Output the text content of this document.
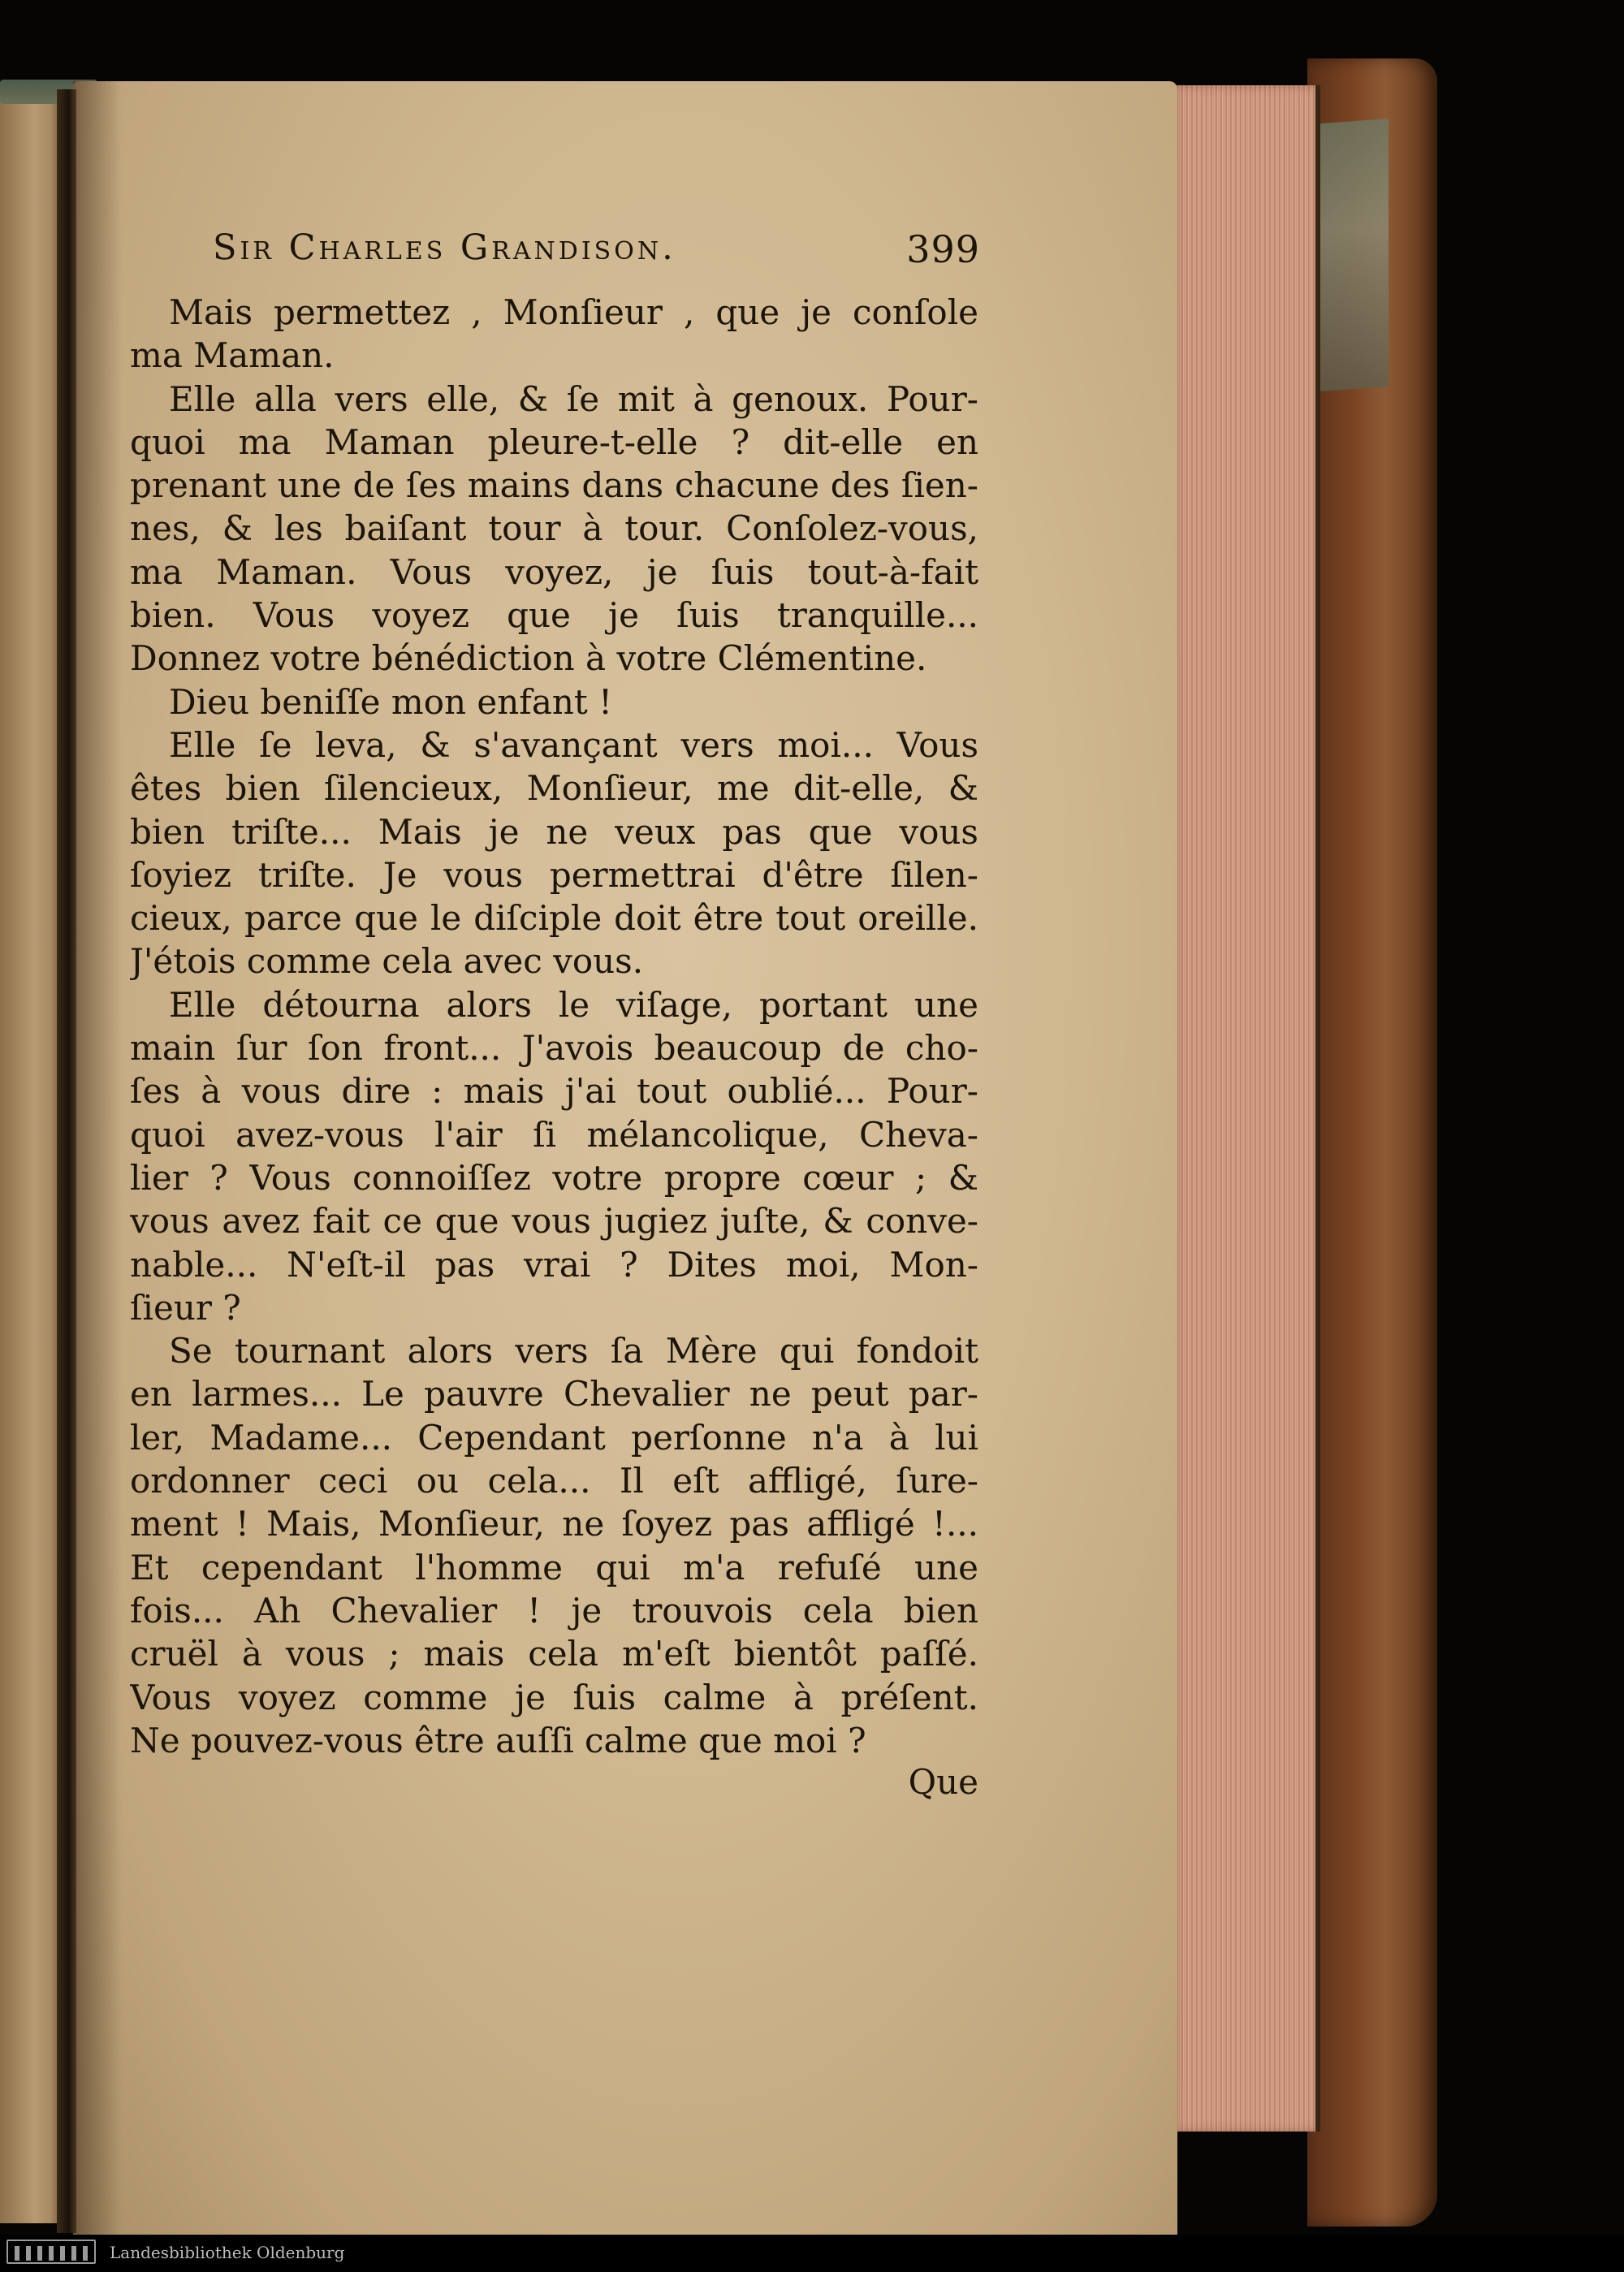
Sir Charles Grandison.	399
Mais permettez , Monſieur , que je conſole
ma Maman.
Elle alla vers elle, & ſe mit à genoux. Pour-
quoi ma Maman pleure-t-elle ? dit-elle en
prenant une de ſes mains dans chacune des ſien-
nes, & les baiſant tour à tour. Conſolez-vous,
ma Maman. Vous voyez, je ſuis tout-à-fait
bien. Vous voyez que je ſuis tranquille...
Donnez votre bénédiction à votre Clémentine.
Dieu beniſſe mon enfant !
Elle ſe leva, & s'avançant vers moi... Vous
êtes bien ſilencieux, Monſieur, me dit-elle, &
bien triſte... Mais je ne veux pas que vous
ſoyiez triſte. Je vous permettrai d'être ſilen-
cieux, parce que le diſciple doit être tout oreille.
J'étois comme cela avec vous.
Elle détourna alors le viſage, portant une
main ſur ſon front... J'avois beaucoup de cho-
ſes à vous dire : mais j'ai tout oublié... Pour-
quoi avez-vous l'air ſi mélancolique, Cheva-
lier ? Vous connoiſſez votre propre cœur ; &
vous avez fait ce que vous jugiez juſte, & conve-
nable... N'eſt-il pas vrai ? Dites moi, Mon-
ſieur ?
Se tournant alors vers ſa Mère qui fondoit
en larmes... Le pauvre Chevalier ne peut par-
ler, Madame... Cependant perſonne n'a à lui
ordonner ceci ou cela... Il eſt affligé, ſure-
ment ! Mais, Monſieur, ne ſoyez pas affligé !...
Et cependant l'homme qui m'a refuſé une
fois... Ah Chevalier ! je trouvois cela bien
cruël à vous ; mais cela m'eſt bientôt paſſé.
Vous voyez comme je ſuis calme à préſent.
Ne pouvez-vous être auſſi calme que moi ?
Que
Landesbibliothek Oldenburg
